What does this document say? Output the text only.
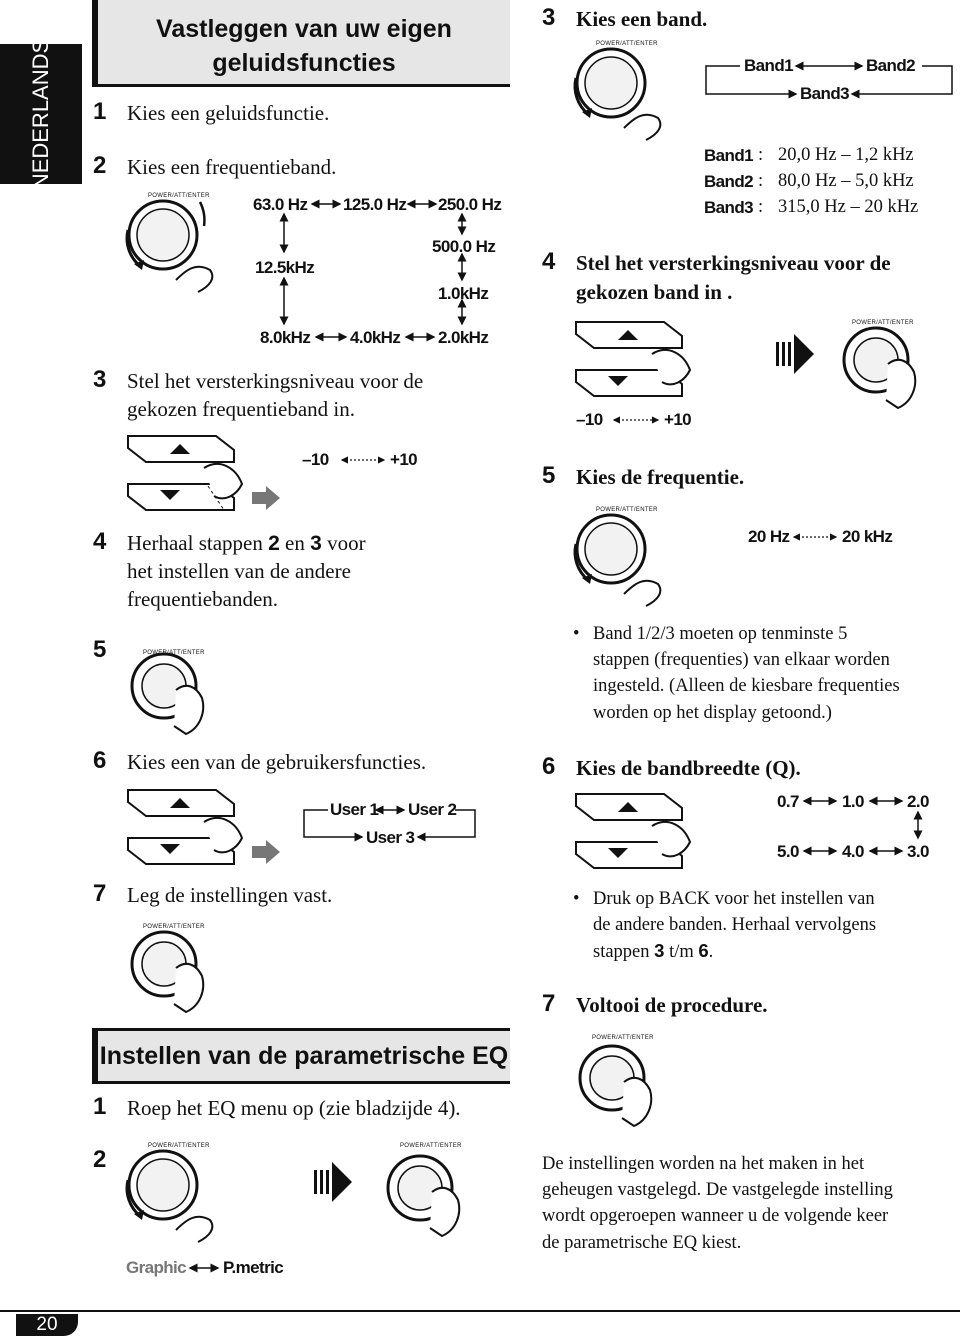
NEDERLANDS
Vastleggen van uw eigen
geluidsfuncties
1 Kies een geluidsfunctie.
2 Kies een frequentieband.
POWER/ATT/ENTER	63.0 Hz 125.0 Hz 250.0 Hz
500.0 Hz
1.0kHz
2.0kHz
4.0kHz
8.0kHz
12.5kHz
3 Stel het versterkingsniveau voor de
gekozen frequentieband in.
–10	+10
4 Herhaal stappen 2 en 3 voor
het instellen van de andere
frequentiebanden.
5	POWER/ATT/ENTER
6 Kies een van de gebruikersfuncties.
User 1 User 2
User 3
7 Leg de instellingen vast.
POWER/ATT/ENTER
Instellen van de parametrische EQ
1 Roep het EQ menu op (zie bladzijde 4).
2	POWER/ATT/ENTER	POWER/ATT/ENTER
Graphic P.metric
3 Kies een band.
POWER/ATT/ENTER
Band1	Band2
Band3
Band1 : 20,0 Hz – 1,2 kHz
Band2 : 80,0 Hz – 5,0 kHz
Band3 : 315,0 Hz – 20 kHz
4 Stel het versterkingsniveau voor de
gekozen band in .
–10	+10
POWER/ATT/ENTER
5 Kies de frequentie.
POWER/ATT/ENTER
20 Hz	20 kHz
• Band 1/2/3 moeten op tenminste 5
stappen (frequenties) van elkaar worden
ingesteld. (Alleen de kiesbare frequenties
worden op het display getoond.)
6 Kies de bandbreedte (Q).
0.7	1.0	2.0
3.0
4.0
5.0
• Druk op BACK voor het instellen van
de andere banden. Herhaal vervolgens
stappen 3 t/m 6.
7 Voltooi de procedure.
POWER/ATT/ENTER
De instellingen worden na het maken in het
geheugen vastgelegd. De vastgelegde instelling
wordt opgeroepen wanneer u de volgende keer
de parametrische EQ kiest.
20
